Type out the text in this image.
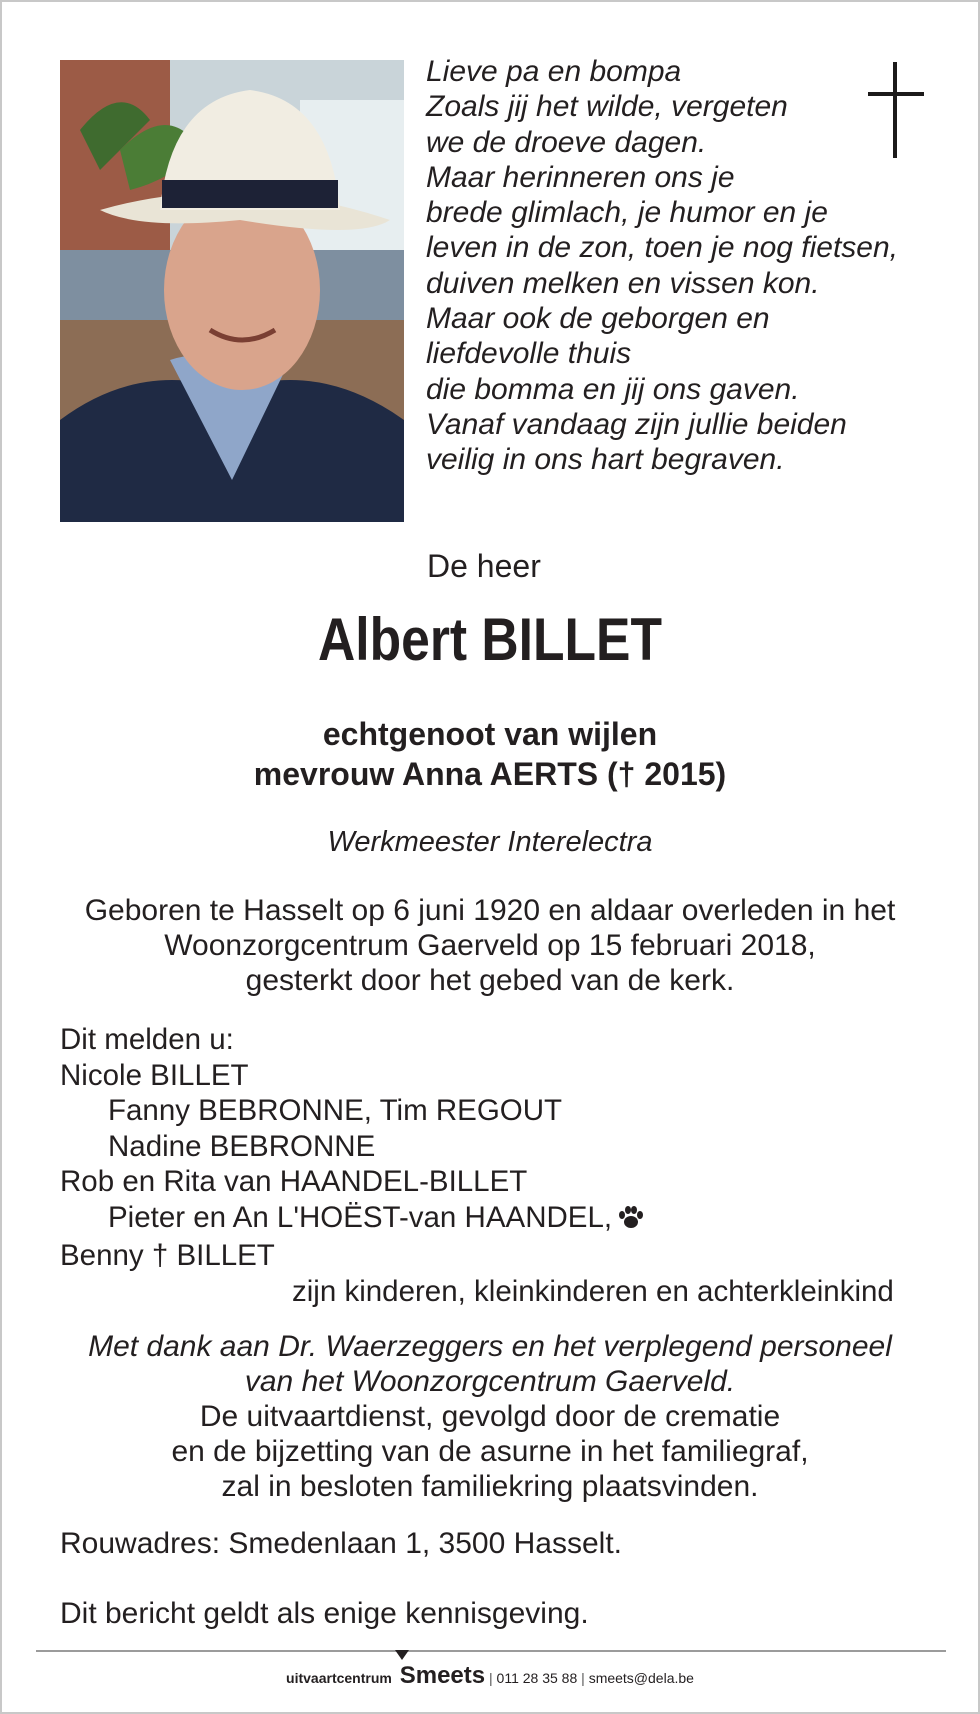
Lieve pa en bompa
Zoals jij het wilde, vergeten
we de droeve dagen.
Maar herinneren ons je
brede glimlach, je humor en je
leven in de zon, toen je nog fietsen,
duiven melken en vissen kon.
Maar ook de geborgen en
liefdevolle thuis
die bomma en jij ons gaven.
Vanaf vandaag zijn jullie beiden
veilig in ons hart begraven.
De heer
Albert BILLET
echtgenoot van wijlen
mevrouw Anna AERTS († 2015)
Werkmeester Interelectra
Geboren te Hasselt op 6 juni 1920 en aldaar overleden in het
Woonzorgcentrum Gaerveld op 15 februari 2018,
gesterkt door het gebed van de kerk.
Dit melden u:
Nicole BILLET
Fanny BEBRONNE, Tim REGOUT
Nadine BEBRONNE
Rob en Rita van HAANDEL-BILLET
Pieter en An L'HOËST-van HAANDEL,
Benny † BILLET
zijn kinderen, kleinkinderen en achterkleinkind
Met dank aan Dr. Waerzeggers en het verplegend personeel
van het Woonzorgcentrum Gaerveld.
De uitvaartdienst, gevolgd door de crematie
en de bijzetting van de asurne in het familiegraf,
zal in besloten familiekring plaatsvinden.
Rouwadres: Smedenlaan 1, 3500 Hasselt.
Dit bericht geldt als enige kennisgeving.
uitvaartcentrum Smeets | 011 28 35 88 | smeets@dela.be
